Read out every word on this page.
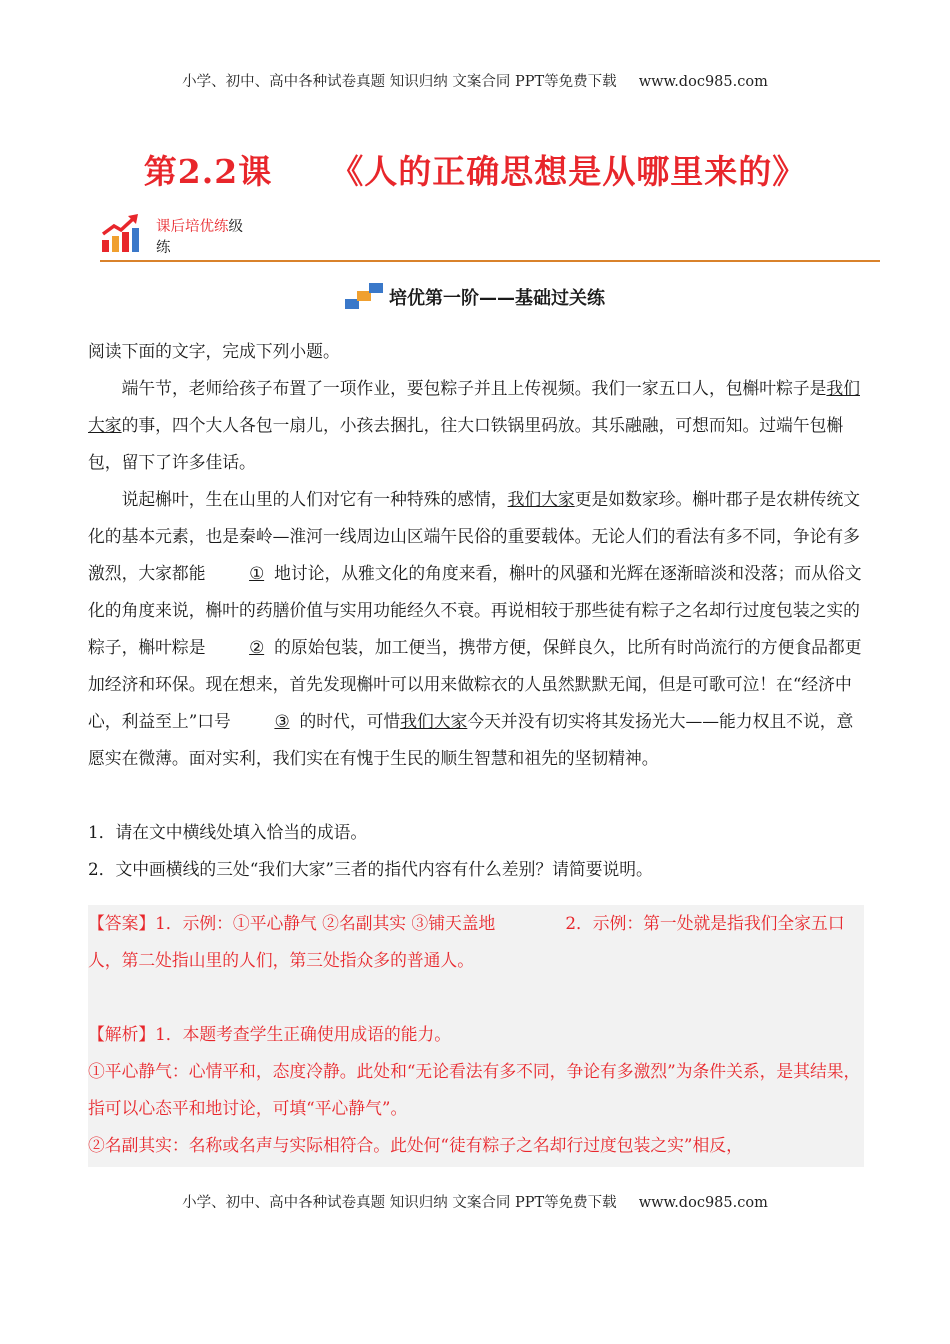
小学、初中、高中各种试卷真题 知识归纳 文案合同 PPT等免费下载 www.doc985.com
第2.2课 《人的正确思想是从哪里来的》
课后培优练级
练
培优第一阶——基础过关练

阅读下面的文字，完成下列小题。

端午节，老师给孩子布置了一项作业，要包粽子并且上传视频。我们一家五口人，包槲叶粽子是我们大家的事，四个大人各包一扇儿，小孩去捆扎，往大口铁锅里码放。其乐融融，可想而知。过端午包槲包，留下了许多佳话。

说起槲叶，生在山里的人们对它有一种特殊的感情，我们大家更是如数家珍。槲叶郡子是农耕传统文化的基本元素，也是秦岭—淮河一线周边山区端午民俗的重要载体。无论人们的看法有多不同，争论有多激烈，大家都能	① 地讨论，从雅文化的角度来看，槲叶的风骚和光辉在逐渐暗淡和没落；而从俗文化的角度来说，槲叶的药膳价值与实用功能经久不衰。再说相较于那些徒有粽子之名却行过度包装之实的粽子，槲叶粽是	② 的原始包装，加工便当，携带方便，保鲜良久，比所有时尚流行的方便食品都更加经济和环保。现在想来，首先发现槲叶可以用来做粽衣的人虽然默默无闻，但是可歌可泣！在“经济中心，利益至上”口号	③ 的时代，可惜我们大家今天并没有切实将其发扬光大——能力权且不说，意愿实在微薄。面对实利，我们实在有愧于生民的顺生智慧和祖先的坚韧精神。

1．请在文中横线处填入恰当的成语。

2．文中画横线的三处“我们大家”三者的指代内容有什么差别？请简要说明。

【答案】1．示例：①平心静气 ②名副其实 ③铺天盖地	2．示例：第一处就是指我们全家五口人，第二处指山里的人们，第三处指众多的普通人。

【解析】1．本题考查学生正确使用成语的能力。

①平心静气：心情平和，态度冷静。此处和“无论看法有多不同，争论有多激烈”为条件关系，是其结果，指可以心态平和地讨论，可填“平心静气”。

②名副其实：名称或名声与实际相符合。此处何“徒有粽子之名却行过度包装之实”相反，

小学、初中、高中各种试卷真题 知识归纳 文案合同 PPT等免费下载 www.doc985.com
